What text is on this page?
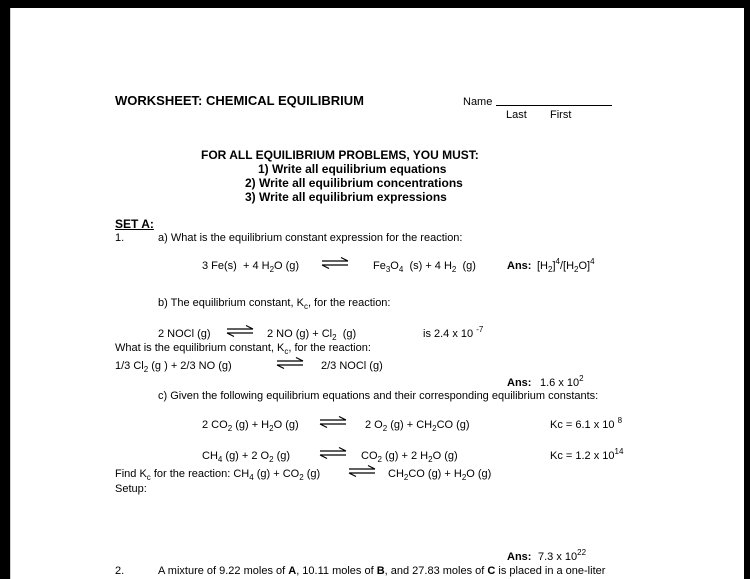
WORKSHEET: CHEMICAL EQUILIBRIUM	Name
Last First
FOR ALL EQUILIBRIUM PROBLEMS, YOU MUST:
1) Write all equilibrium equations
2) Write all equilibrium concentrations
3) Write all equilibrium expressions
SET A:
1.	a) What is the equilibrium constant expression for the reaction:
3 Fe(s) + 4 $H_2O$ (g) ⇌ $Fe_3O_4$ (s) + 4 $H_2$ (g)	Ans: $[H_2]^4/[H_2O]^4$
b) The equilibrium constant, $K_c$, for the reaction:
2 NOCl (g) ⇌ 2 NO $(g) + Cl_2$ (g)	is 2.4 x 10 $^{-7}$
What is the equilibrium constant, $K_c$, for the reaction:
1/3 $Cl_2$ (g ) + 2/3 NO (g)	⇌ 2/3 NOCl (g)
Ans: 1.6 x $10^2$
c) Given the following equilibrium equations and their corresponding equilibrium constants:
2 $CO_2$ $(g) + H_2O$ (g) ⇌ 2 $O_2$ $(g) + CH_2CO$ (g)	Kc = 6.1 x 10 $^8$
$CH_4$ (g) + 2 $O_2$ (g) ⇌ $CO_2$ (g) + 2 $H_2O$ (g)	Kc = 1.2 x $10^{14}$
Find $K_c$ for the reaction: $CH_4$ $(g) + CO_2$ (g) ⇌ $CH_2CO$ $(g) + H_2O$ (g)
Setup:
Ans: 7.3 x $10^{22}$
2.	A mixture of 9.22 moles of A, 10.11 moles of B, and 27.83 moles of C is placed in a one-liter
